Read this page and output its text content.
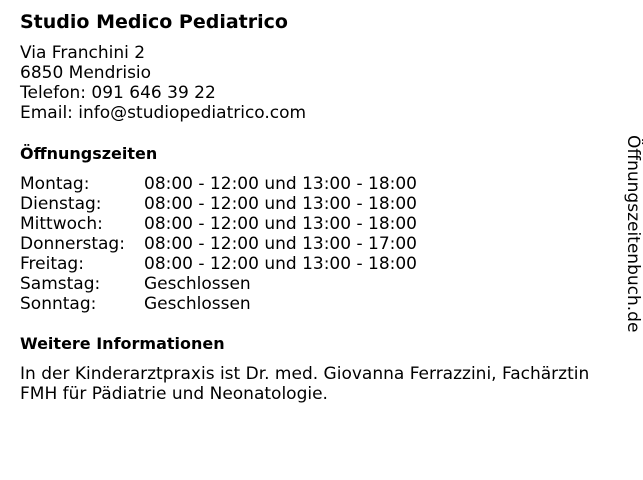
Studio Medico Pediatrico
Via Franchini 2
6850 Mendrisio
Telefon: 091 646 39 22
Email: info@studiopediatrico.com
Öffnungszeiten
Montag:	08:00 - 12:00 und 13:00 - 18:00
Dienstag:	08:00 - 12:00 und 13:00 - 18:00
Mittwoch:	08:00 - 12:00 und 13:00 - 18:00
Donnerstag:	08:00 - 12:00 und 13:00 - 17:00
Freitag:	08:00 - 12:00 und 13:00 - 18:00
Samstag:	Geschlossen
Sonntag:	Geschlossen
Weitere Informationen
In der Kinderarztpraxis ist Dr. med. Giovanna Ferrazzini, Fachärztin FMH für Pädiatrie und Neonatologie.
Öffnungszeitenbuch.de
